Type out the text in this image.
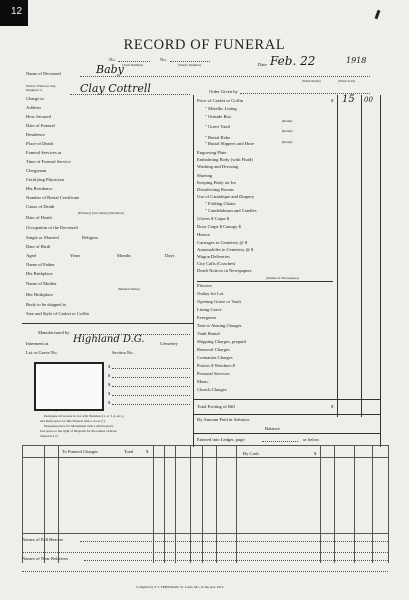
12
RECORD OF FUNERAL
No.
(Total Number)
No.
(Yearly Number)	Date Feb. 22	1918
Name of Deceased	Baby
Widow Widower Son, Daughter of	Clay Cottrell	Order Given by
(What Retail)	(What Sold)
Charge to
Address
How Secured
Date of Funeral
Residence
Place of Death
Funeral Services at
Time of Funeral Service
Clergyman
Certifying Physician
His Residence
Number of Burial Certificate
Cause of Death
(Primary) (Secondary) (Duration)
Date of Death
Occupation of the Deceased
Single or Married	Religion
Date of Birth
Aged	Years	Months	Days
Name of Father
His Birthplace
Name of Mother
(Maiden Name)
Her Birthplace
Body to be shipped to
Size and Style of Casket or Coffin
Manufactured by
Interment at Highland D.G.	Cemetery
Lot or Grave No.	Section No.
Diagram of Lot or Vault
$
$
$
$
$
Designate all Graves in Lot with Numbers (1, 2, 3, 4, etc.),
and mark space for this Funeral with a cross (+).
Designate place for Monument with a small square
Use space to the right of Diagram for the names of those
buried in Lot.
Price of Casket or Coffin	$ 15 00
" Metallic Lining
" Outside Box
(Retail)
" Grave Vault
(Retail)
" Burial Robe
(Retail)
" Burial Slippers and Hose
Engraving Plate
Embalming Body (with Fluid)
Washing and Dressing
Shaving
Keeping Body on Ice
Disinfecting Rooms
Use of Catafalque and Drapery
" Folding Chairs
" Candelabrum and Candles
Gloves $ Crape $
Door Crape $ Canopy $
Hearse
Carriages to Cemetery @ $
Automobiles to Cemetery @ $
Wagon Deliveries
City Calls (Coaches)
Death Notices in Newspapers
(Names of Newspapers)
Flowers
Outlay for Lot
Opening Grave or Vault
Lining Grave
Evergreen
Tent or Awning Charges
Vault Rental
Shipping Charges, prepaid
Removal Charges
Cremation Charges
Porters $ Watchers $
Personal Services
Music
Church Charges
Total Footing of Bill	$
By Amount Paid in Advance
Balance
Entered into Ledger, page	or below
To Funeral Charges	Total	$	By Cash	$
Names of Pall Bearers
Names of Near Relatives
Compiled by F. J. FRIEDMAN, St. Louis, Mo., in the year 1912.
